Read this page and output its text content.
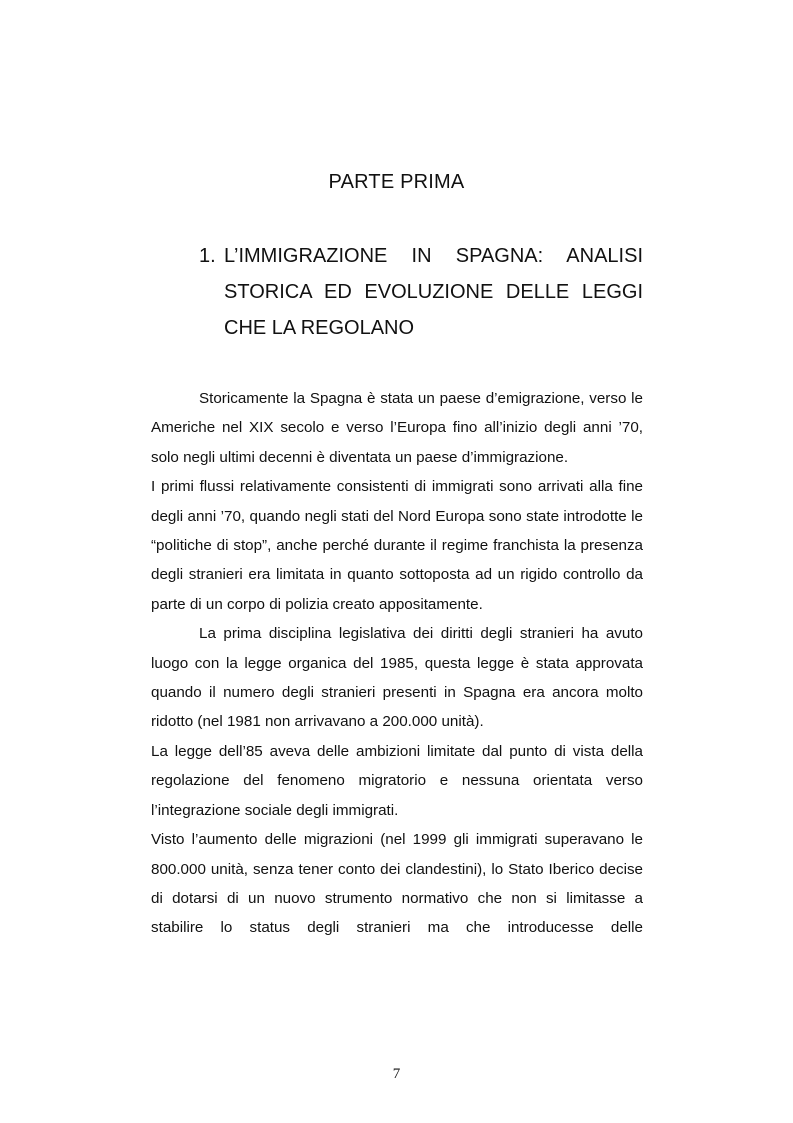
PARTE PRIMA
1. L’IMMIGRAZIONE IN SPAGNA: ANALISI
STORICA ED EVOLUZIONE DELLE LEGGI
CHE LA REGOLANO

Storicamente la Spagna è stata un paese d’emigrazione, verso le Americhe nel XIX secolo e verso l’Europa fino all’inizio degli anni ’70, solo negli ultimi decenni è diventata un paese d’immigrazione.

I primi flussi relativamente consistenti di immigrati sono arrivati alla fine degli anni ’70, quando negli stati del Nord Europa sono state introdotte le “politiche di stop”, anche perché durante il regime franchista la presenza degli stranieri era limitata in quanto sottoposta ad un rigido controllo da parte di un corpo di polizia creato appositamente.

La prima disciplina legislativa dei diritti degli stranieri ha avuto luogo con la legge organica del 1985, questa legge è stata approvata quando il numero degli stranieri presenti in Spagna era ancora molto ridotto (nel 1981 non arrivavano a 200.000 unità).

La legge dell’85 aveva delle ambizioni limitate dal punto di vista della regolazione del fenomeno migratorio e nessuna orientata verso l’integrazione sociale degli immigrati.

Visto l’aumento delle migrazioni (nel 1999 gli immigrati superavano le 800.000 unità, senza tener conto dei clandestini), lo Stato Iberico decise di dotarsi di un nuovo strumento normativo che non si limitasse a stabilire lo status degli stranieri ma che introducesse delle

7
